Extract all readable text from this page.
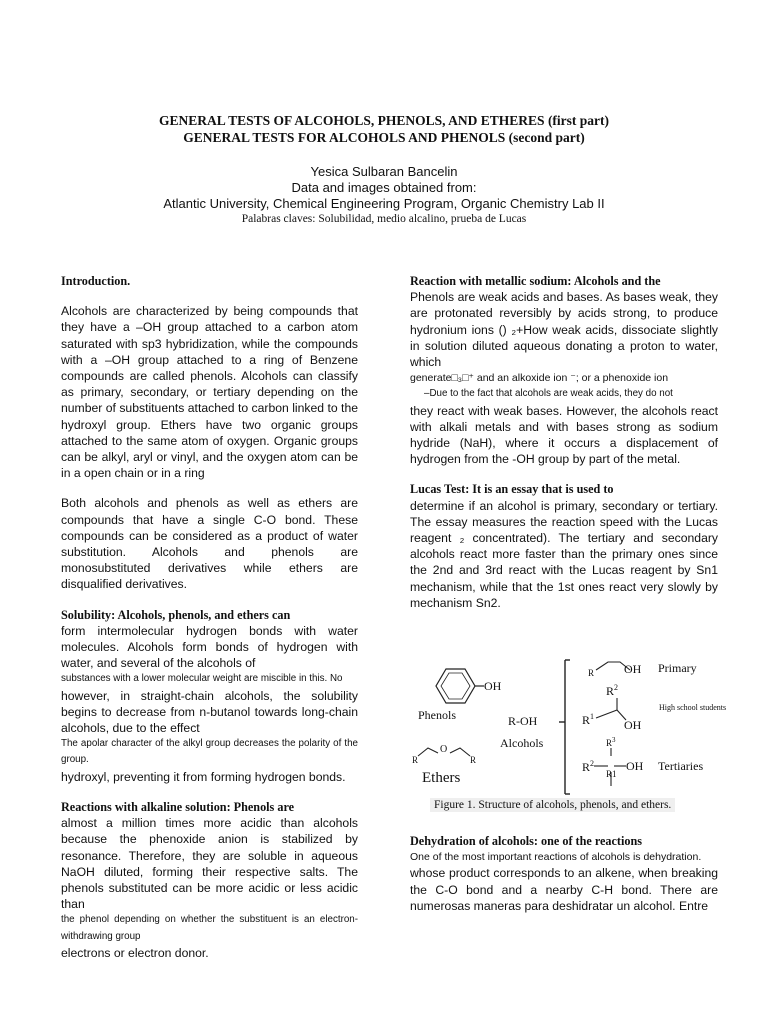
GENERAL TESTS OF ALCOHOLS, PHENOLS, AND ETHERES (first part)
GENERAL TESTS FOR ALCOHOLS AND PHENOLS (second part)
Yesica Sulbaran Bancelin
Data and images obtained from:
Atlantic University, Chemical Engineering Program, Organic Chemistry Lab II
Palabras claves: Solubilidad, medio alcalino, prueba de Lucas

Introduction.

Alcohols are characterized by being compounds that they have a –OH group attached to a carbon atom saturated with sp3 hybridization, while the compounds with a –OH group attached to a ring of Benzene compounds are called phenols. Alcohols can classify as primary, secondary, or tertiary depending on the number of substituents attached to carbon linked to the hydroxyl group. Ethers have two organic groups attached to the same atom of oxygen. Organic groups can be alkyl, aryl or vinyl, and the oxygen atom can be in a open chain or in a ring

Both alcohols and phenols as well as ethers are compounds that have a single C-O bond. These compounds can be considered as a product of water substitution. Alcohols and phenols are monosubstituted derivatives while ethers are disqualified derivatives.

Solubility: Alcohols, phenols, and ethers can

form intermolecular hydrogen bonds with water molecules. Alcohols form bonds of hydrogen with water, and several of the alcohols of

substances with a lower molecular weight are miscible in this. No

however, in straight-chain alcohols, the solubility begins to decrease from n-butanol towards long-chain alcohols, due to the effect

The apolar character of the alkyl group decreases the polarity of the group.

hydroxyl, preventing it from forming hydrogen bonds.

Reactions with alkaline solution: Phenols are

almost a million times more acidic than alcohols because the phenoxide anion is stabilized by resonance. Therefore, they are soluble in aqueous NaOH diluted, forming their respective salts. The phenols substituted can be more acidic or less acidic than

the phenol depending on whether the substituent is an electron-withdrawing group

electrons or electron donor.

Reaction with metallic sodium: Alcohols and the

Phenols are weak acids and bases. As bases weak, they are protonated reversibly by acids strong, to produce hydronium ions () ₂+How weak acids, dissociate slightly in solution diluted aqueous donating a proton to water, which

generate□₃□⁺ and an alkoxide ion ⁻; or a phenoxide ion

–Due to the fact that alcohols are weak acids, they do not

they react with weak bases. However, the alcohols react with alkali metals and with bases strong as sodium hydride (NaH), where it occurs a displacement of hydrogen from the -OH group by part of the metal.

Lucas Test: It is an essay that is used to

determine if an alcohol is primary, secondary or tertiary. The essay measures the reaction speed with the Lucas reagent ₂ concentrated). The tertiary and secondary alcohols react more faster than the primary ones since the 2nd and 3rd react with the Lucas reagent by Sn1 mechanism, while that the 1st ones react very slowly by mechanism Sn2.

OH
Phenols	R-OH
Alcohols
R
O
R
Ethers
R OH Primary
$R^2$
$R^1$
OH
High school students
$R^3$
$R^2$	OH
R1
Tertiaries
Figure 1. Structure of alcohols, phenols, and ethers.

Dehydration of alcohols: one of the reactions

One of the most important reactions of alcohols is dehydration.

whose product corresponds to an alkene, when breaking the C-O bond and a nearby C-H bond. There are numerosas maneras para deshidratar un alcohol. Entre
